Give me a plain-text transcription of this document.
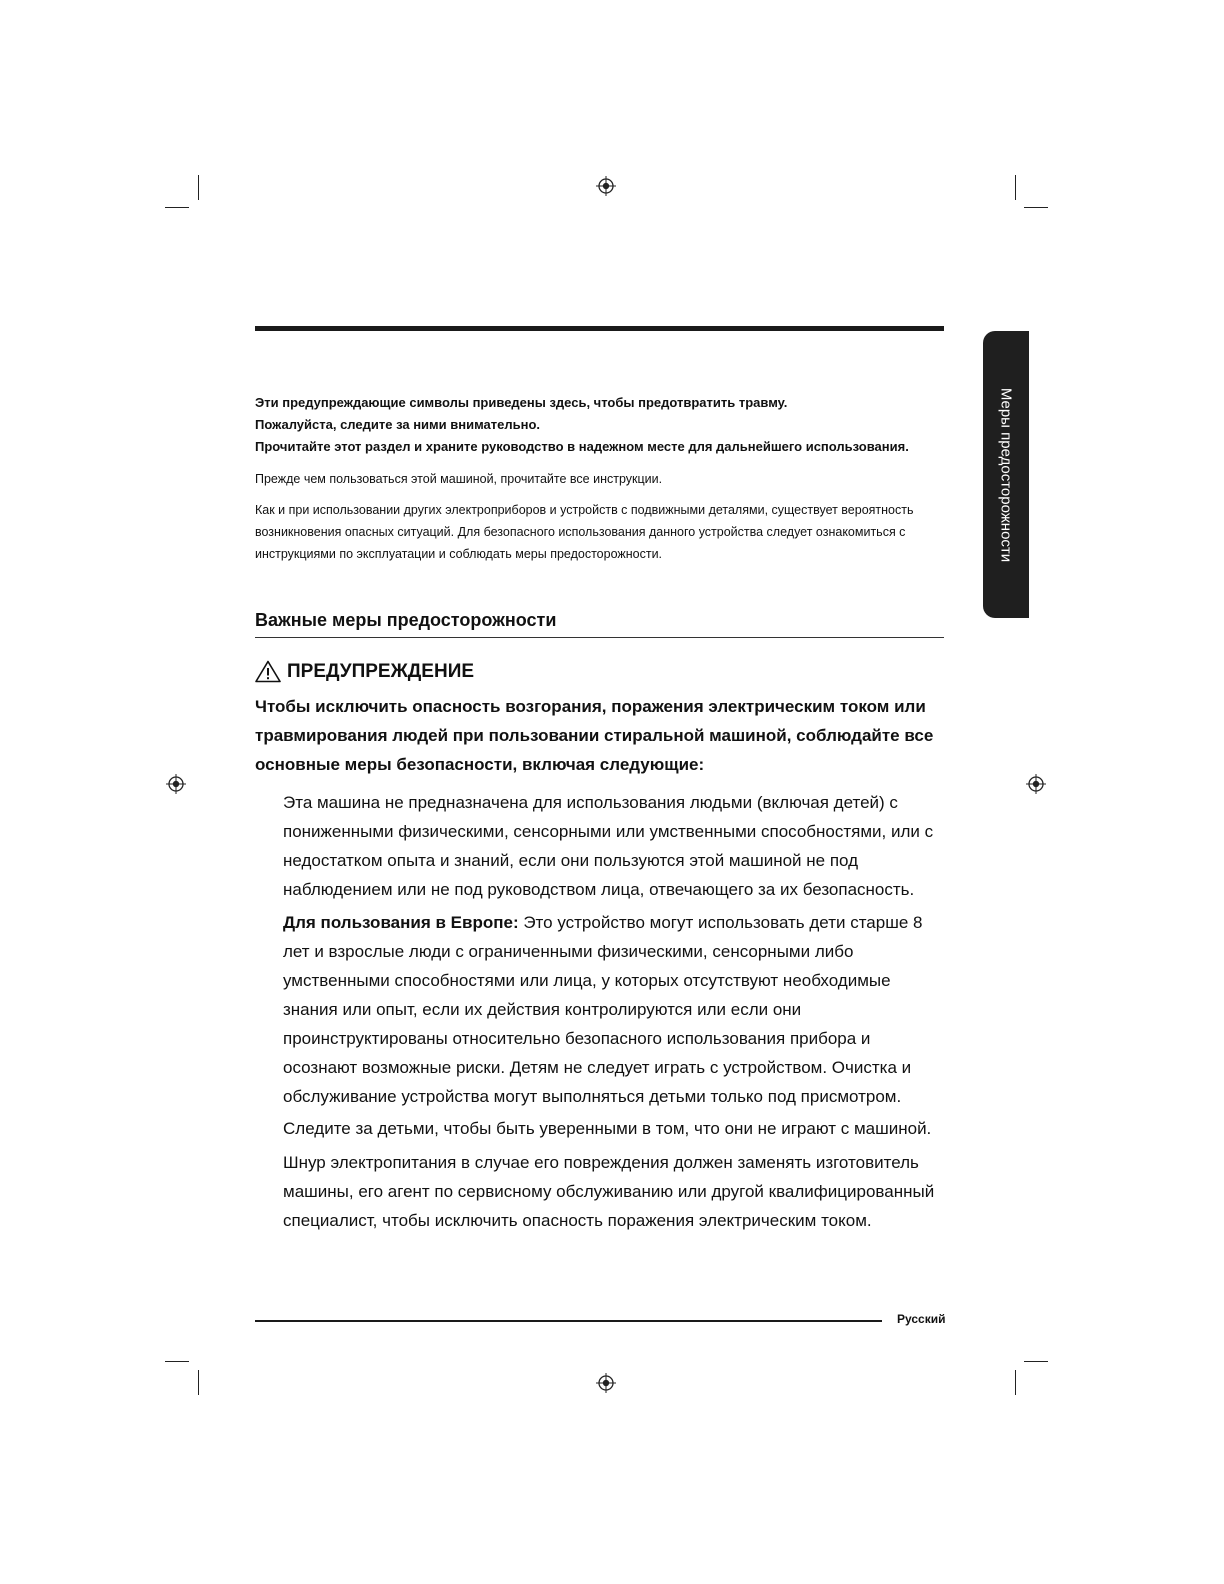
Меры предосторожности
Эти предупреждающие символы приведены здесь, чтобы предотвратить травму.
Пожалуйста, следите за ними внимательно.
Прочитайте этот раздел и храните руководство в надежном месте для дальнейшего использования.
Прежде чем пользоваться этой машиной, прочитайте все инструкции.
Как и при использовании других электроприборов и устройств с подвижными деталями, существует вероятность возникновения опасных ситуаций. Для безопасного использования данного устройства следует ознакомиться с инструкциями по эксплуатации и соблюдать меры предосторожности.
Важные меры предосторожности
ПРЕДУПРЕЖДЕНИЕ
Чтобы исключить опасность возгорания, поражения электрическим током или травмирования людей при пользовании стиральной машиной, соблюдайте все основные меры безопасности, включая следующие:
Эта машина не предназначена для использования людьми (включая детей) с пониженными физическими, сенсорными или умственными способностями, или с недостатком опыта и знаний, если они пользуются этой машиной не под наблюдением или не под руководством лица, отвечающего за их безопасность.
Для пользования в Европе: Это устройство могут использовать дети старше 8 лет и взрослые люди с ограниченными физическими, сенсорными либо умственными способностями или лица, у которых отсутствуют необходимые знания или опыт, если их действия контролируются или если они проинструктированы относительно безопасного использования прибора и осознают возможные риски. Детям не следует играть с устройством. Очистка и обслуживание устройства могут выполняться детьми только под присмотром.
Следите за детьми, чтобы быть уверенными в том, что они не играют с машиной.
Шнур электропитания в случае его повреждения должен заменять изготовитель машины, его агент по сервисному обслуживанию или другой квалифицированный специалист, чтобы исключить опасность поражения электрическим током.
Русский
